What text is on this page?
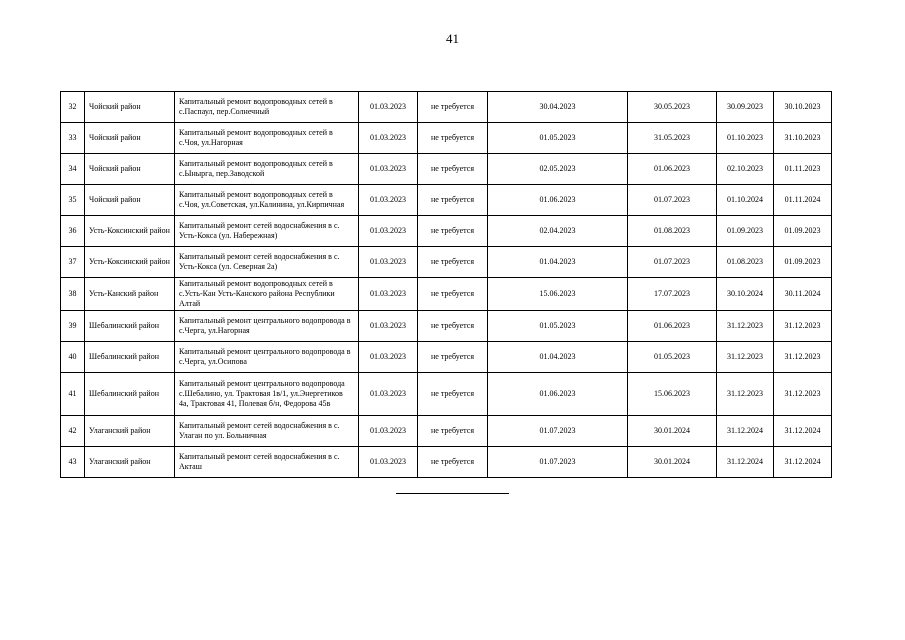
41
32	Чойский район	Капитальный ремонт водопроводных сетей в с.Паспаул, пер.Солнечный	01.03.2023	не требуется	30.04.2023	30.05.2023	30.09.2023	30.10.2023
33	Чойский район	Капитальный ремонт водопроводных сетей в с.Чоя, ул.Нагорная	01.03.2023	не требуется	01.05.2023	31.05.2023	01.10.2023	31.10.2023
34	Чойский район	Капитальный ремонт водопроводных сетей в с.Ынырга, пер.Заводской	01.03.2023	не требуется	02.05.2023	01.06.2023	02.10.2023	01.11.2023
35	Чойский район	Капитальный ремонт водопроводных сетей в с.Чоя, ул.Советская, ул.Калинина, ул.Кирпичная	01.03.2023	не требуется	01.06.2023	01.07.2023	01.10.2024	01.11.2024
36	Усть-Коксинский район	Капитальный ремонт сетей водоснабжения в с. Усть-Кокса (ул. Набережная)	01.03.2023	не требуется	02.04.2023	01.08.2023	01.09.2023	01.09.2023
37	Усть-Коксинский район	Капитальный ремонт сетей водоснабжения в с. Усть-Кокса (ул. Северная 2а)	01.03.2023	не требуется	01.04.2023	01.07.2023	01.08.2023	01.09.2023
38	Усть-Канский район	Капитальный ремонт водопроводных сетей в с.Усть-Кан Усть-Канского района Республики Алтай	01.03.2023	не требуется	15.06.2023	17.07.2023	30.10.2024	30.11.2024
39	Шебалинский район	Капитальный ремонт центрального водопровода в с.Черга, ул.Нагорная	01.03.2023	не требуется	01.05.2023	01.06.2023	31.12.2023	31.12.2023
40	Шебалинский район	Капитальный ремонт центрального водопровода в с.Черга, ул.Осипова	01.03.2023	не требуется	01.04.2023	01.05.2023	31.12.2023	31.12.2023
41	Шебалинский район	Капитальный ремонт центрального водопровода с.Шебалино, ул. Трактовая 1в/1, ул.Энергетиков 4а, Трактовая 41, Полевая б/н, Федорова 45в	01.03.2023	не требуется	01.06.2023	15.06.2023	31.12.2023	31.12.2023
42	Улаганский район	Капитальный ремонт сетей водоснабжения в с. Улаган по ул. Больничная	01.03.2023	не требуется	01.07.2023	30.01.2024	31.12.2024	31.12.2024
43	Улаганский район	Капитальный ремонт сетей водоснабжения в с. Акташ	01.03.2023	не требуется	01.07.2023	30.01.2024	31.12.2024	31.12.2024
